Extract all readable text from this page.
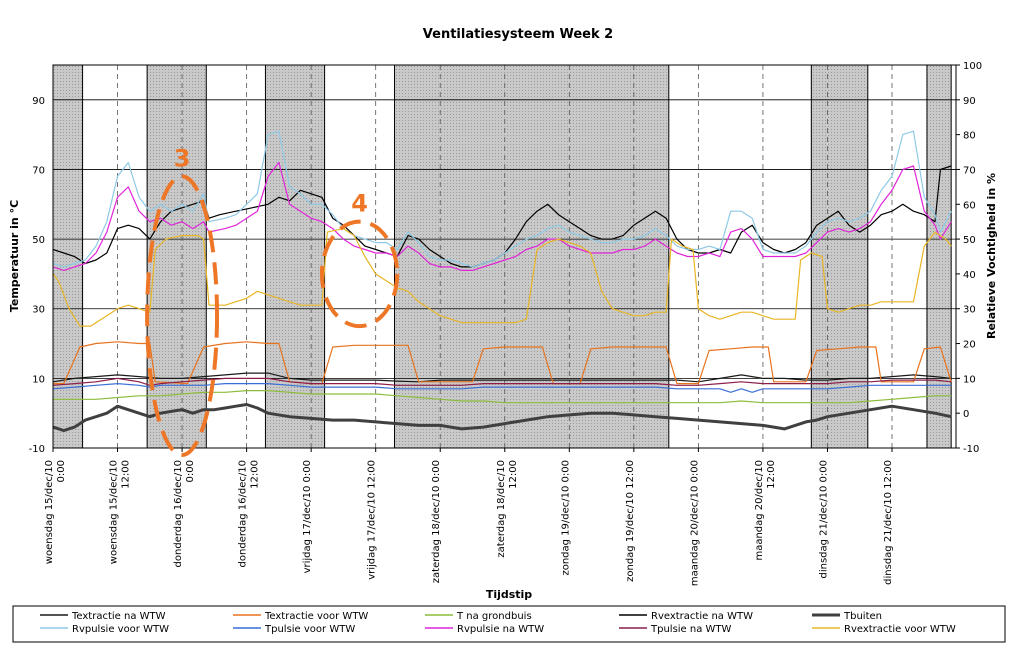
Ventilatiesysteem Week 2
-10
10
30
50
70
90
-10
0
10
20
30
40
50
60
70
80
90
100
woensdag 15/dec/100:00	woensdag 15/dec/1012:00	donderdag 16/dec/100:00	donderdag 16/dec/1012:00	vrijdag 17/dec/10 0:00	vrijdag 17/dec/10 12:00	zaterdag 18/dec/10 0:00	zaterdag 18/dec/1012:00	zondag 19/dec/10 0:00	zondag 19/dec/10 12:00	maandag 20/dec/10 0:00	maandag 20/dec/1012:00	dinsdag 21/dec/10 0:00	dinsdag 21/dec/10 12:00
3
4
Temperatuur in °C	Relatieve Vochtigheid in %
Tijdstip
Textractie na WTW	Textractie voor WTW	T na grondbuis	Rvextractie na WTW	Tbuiten
Rvpulsie voor WTW	Tpulsie voor WTW	Rvpulsie na WTW	Tpulsie na WTW	Rvextractie voor WTW
